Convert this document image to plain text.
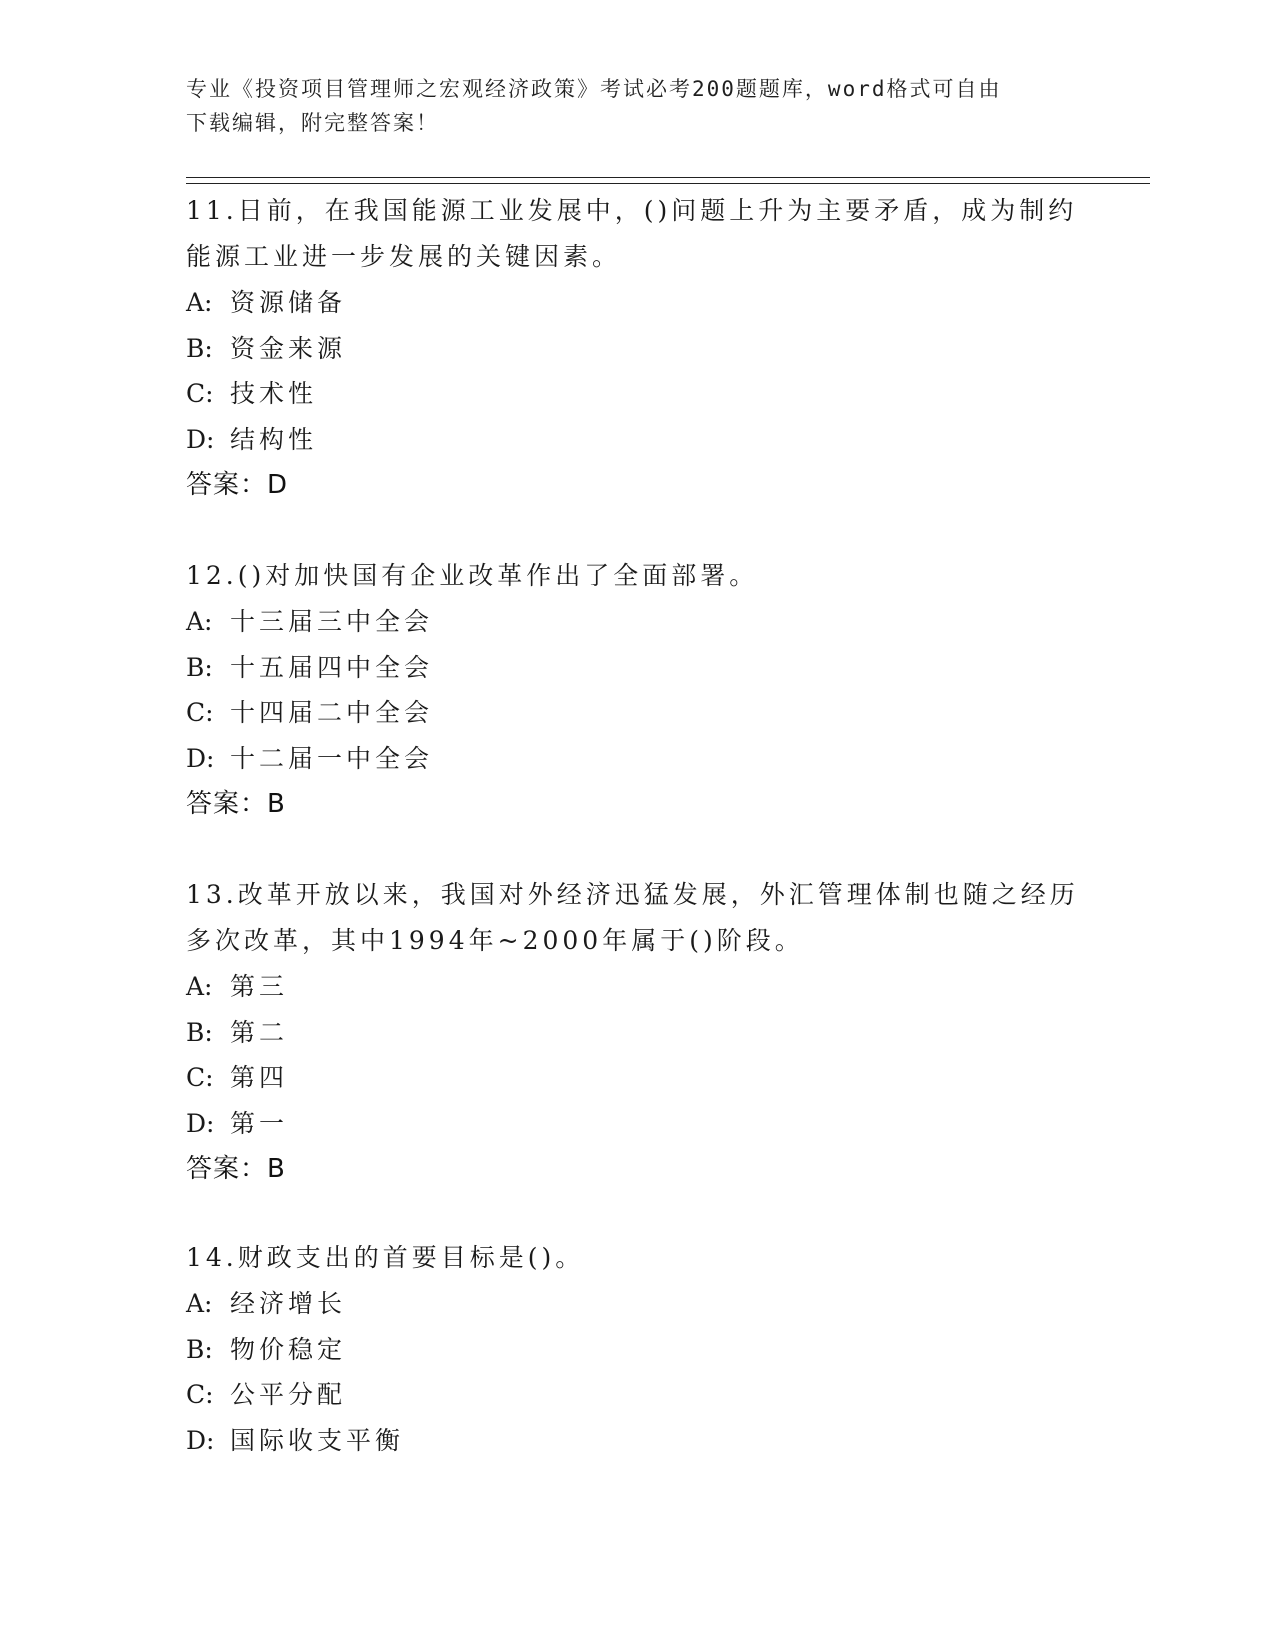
专业《投资项目管理师之宏观经济政策》考试必考200题题库，word格式可自由
下载编辑，附完整答案！
11.日前，在我国能源工业发展中，()问题上升为主要矛盾，成为制约
能源工业进一步发展的关键因素。
A: 资源储备
B: 资金来源
C: 技术性
D: 结构性
答案：D
12.()对加快国有企业改革作出了全面部署。
A: 十三届三中全会
B: 十五届四中全会
C: 十四届二中全会
D: 十二届一中全会
答案：B
13.改革开放以来，我国对外经济迅猛发展，外汇管理体制也随之经历
多次改革，其中1994年~2000年属于()阶段。
A: 第三
B: 第二
C: 第四
D: 第一
答案：B
14.财政支出的首要目标是()。
A: 经济增长
B: 物价稳定
C: 公平分配
D: 国际收支平衡
